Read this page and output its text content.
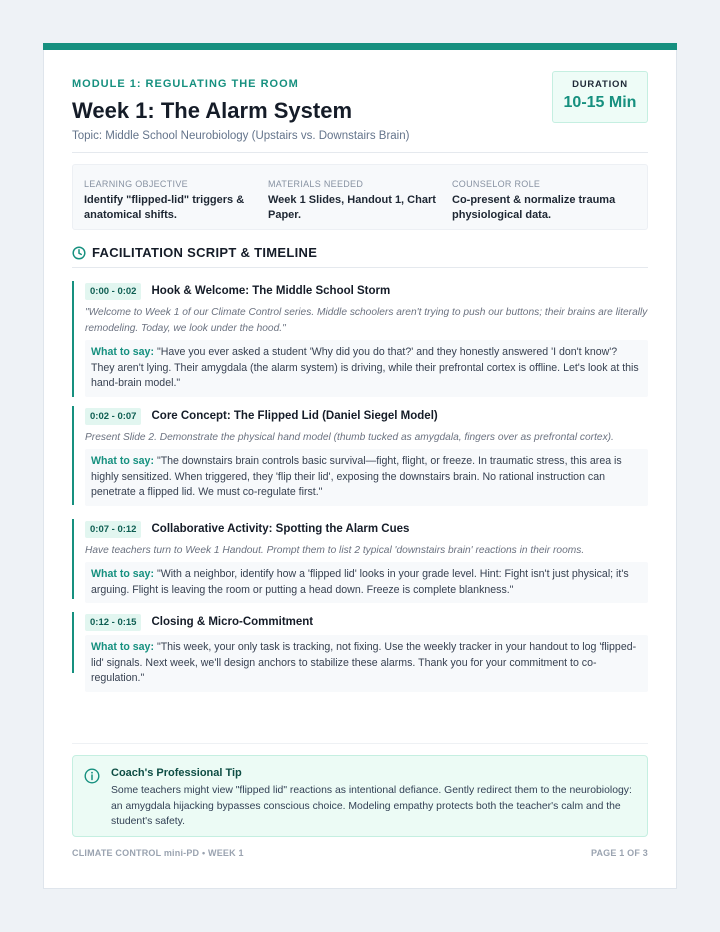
MODULE 1: REGULATING THE ROOM
Week 1: The Alarm System
Topic: Middle School Neurobiology (Upstairs vs. Downstairs Brain)
DURATION
10-15 Min
LEARNING OBJECTIVE
Identify "flipped-lid" triggers & anatomical shifts.
MATERIALS NEEDED
Week 1 Slides, Handout 1, Chart Paper.
COUNSELOR ROLE
Co-present & normalize trauma physiological data.
FACILITATION SCRIPT & TIMELINE
0:00 - 0:02	Hook & Welcome: The Middle School Storm
"Welcome to Week 1 of our Climate Control series. Middle schoolers aren't trying to push our buttons; their brains are literally remodeling. Today, we look under the hood."
What to say: "Have you ever asked a student 'Why did you do that?' and they honestly answered 'I don't know'? They aren't lying. Their amygdala (the alarm system) is driving, while their prefrontal cortex is offline. Let's look at this hand-brain model."
0:02 - 0:07	Core Concept: The Flipped Lid (Daniel Siegel Model)
Present Slide 2. Demonstrate the physical hand model (thumb tucked as amygdala, fingers over as prefrontal cortex).
What to say: "The downstairs brain controls basic survival—fight, flight, or freeze. In traumatic stress, this area is highly sensitized. When triggered, they 'flip their lid', exposing the downstairs brain. No rational instruction can penetrate a flipped lid. We must co-regulate first."
0:07 - 0:12	Collaborative Activity: Spotting the Alarm Cues
Have teachers turn to Week 1 Handout. Prompt them to list 2 typical 'downstairs brain' reactions in their rooms.
What to say: "With a neighbor, identify how a 'flipped lid' looks in your grade level. Hint: Fight isn't just physical; it's arguing. Flight is leaving the room or putting a head down. Freeze is complete blankness."
0:12 - 0:15	Closing & Micro-Commitment
What to say: "This week, your only task is tracking, not fixing. Use the weekly tracker in your handout to log 'flipped-lid' signals. Next week, we'll design anchors to stabilize these alarms. Thank you for your commitment to co-regulation."
Coach's Professional Tip
Some teachers might view "flipped lid" reactions as intentional defiance. Gently redirect them to the neurobiology: an amygdala hijacking bypasses conscious choice. Modeling empathy protects both the teacher's calm and the student's safety.
CLIMATE CONTROL mini-PD • WEEK 1	PAGE 1 OF 3
